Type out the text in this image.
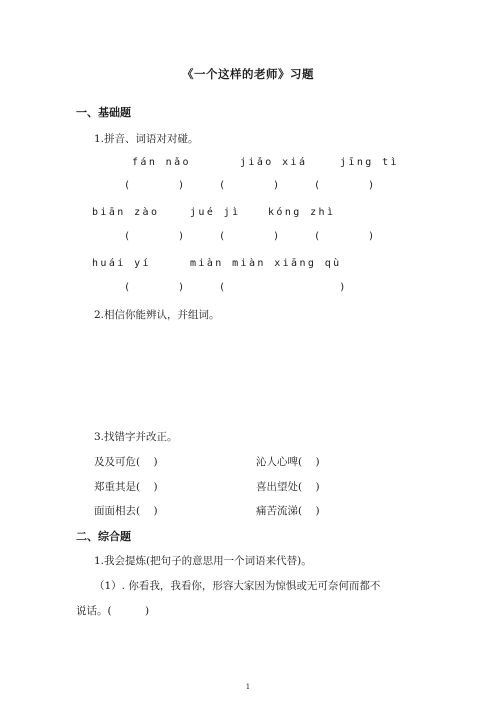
《一个这样的老师》习题
一、基础题
1.拼音、词语对对碰。
fán nǎo	jiǎo xiá	jīng tì
(        )	(        )	(        )
biān zào	jué jì	kóng zhì
(        )	(        )	(        )
huái yí	miàn miàn xiāng qù
(        )	(                   )
2.相信你能辨认，并组词。
3.找错字并改正。
及及可危(    )	沁人心啤(    )
郑重其是(    )	喜出望处(    )
面面相去(    )	痛苦流涕(    )
二、综合题
1.我会提炼(把句子的意思用一个词语来代替)。
（1）. 你看我，我看你，形容大家因为惊惧或无可奈何而都不
说话。(          )
1
